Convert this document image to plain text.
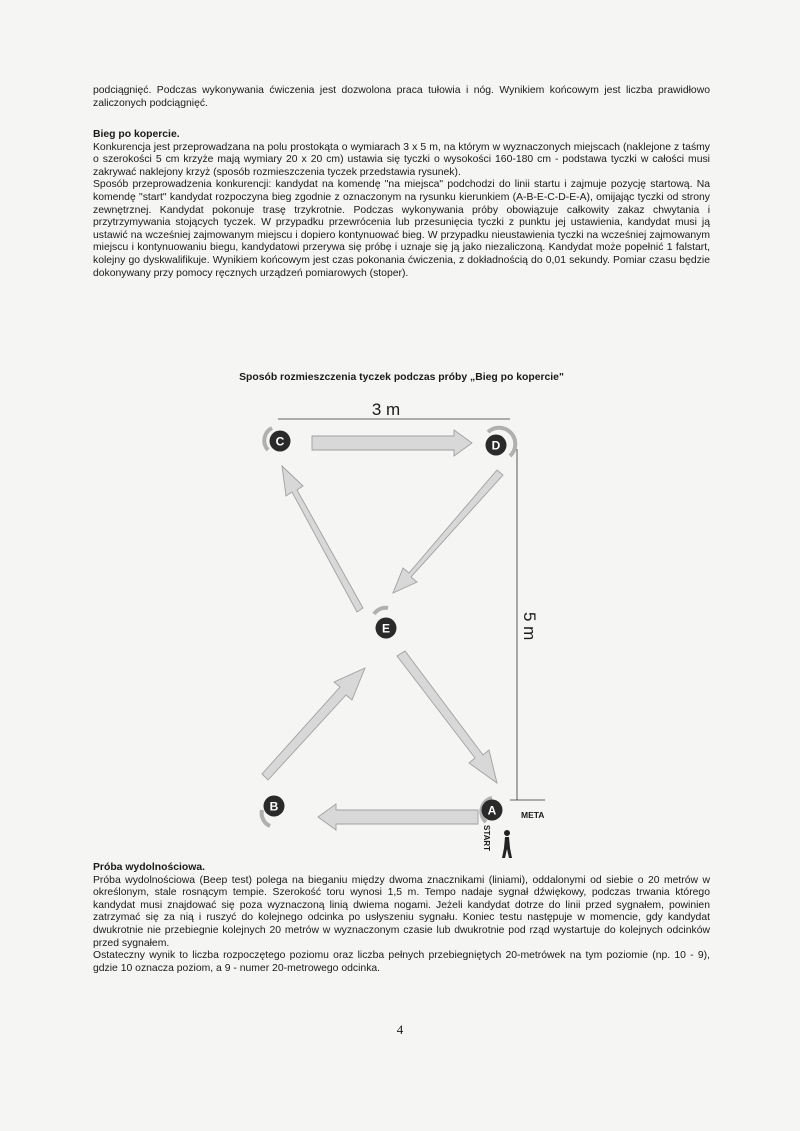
podciągnięć. Podczas wykonywania ćwiczenia jest dozwolona praca tułowia i nóg. Wynikiem końcowym jest liczba prawidłowo zaliczonych podciągnięć.

Bieg po kopercie.

Konkurencja jest przeprowadzana na polu prostokąta o wymiarach 3 x 5 m, na którym w wyznaczonych miejscach (naklejone z taśmy o szerokości 5 cm krzyże mają wymiary 20 x 20 cm) ustawia się tyczki o wysokości 160-180 cm - podstawa tyczki w całości musi zakrywać naklejony krzyż (sposób rozmieszczenia tyczek przedstawia rysunek).

Sposób przeprowadzenia konkurencji: kandydat na komendę "na miejsca" podchodzi do linii startu i zajmuje pozycję startową. Na komendę "start" kandydat rozpoczyna bieg zgodnie z oznaczonym na rysunku kierunkiem (A-B-E-C-D-E-A), omijając tyczki od strony zewnętrznej. Kandydat pokonuje trasę trzykrotnie. Podczas wykonywania próby obowiązuje całkowity zakaz chwytania i przytrzymywania stojących tyczek. W przypadku przewrócenia lub przesunięcia tyczki z punktu jej ustawienia, kandydat musi ją ustawić na wcześniej zajmowanym miejscu i dopiero kontynuować bieg. W przypadku nieustawienia tyczki na wcześniej zajmowanym miejscu i kontynuowaniu biegu, kandydatowi przerywa się próbę i uznaje się ją jako niezaliczoną. Kandydat może popełnić 1 falstart, kolejny go dyskwalifikuje. Wynikiem końcowym jest czas pokonania ćwiczenia, z dokładnością do 0,01 sekundy. Pomiar czasu będzie dokonywany przy pomocy ręcznych urządzeń pomiarowych (stoper).

Sposób rozmieszczenia tyczek podczas próby „Bieg po kopercie"
3 m
5 m
META
START
C	D
E
B	A

Próba wydolnościowa.

Próba wydolnościowa (Beep test) polega na bieganiu między dwoma znacznikami (liniami), oddalonymi od siebie o 20 metrów w określonym, stale rosnącym tempie. Szerokość toru wynosi 1,5 m. Tempo nadaje sygnał dźwiękowy, podczas trwania którego kandydat musi znajdować się poza wyznaczoną linią dwiema nogami. Jeżeli kandydat dotrze do linii przed sygnałem, powinien zatrzymać się za nią i ruszyć do kolejnego odcinka po usłyszeniu sygnału. Koniec testu następuje w momencie, gdy kandydat dwukrotnie nie przebiegnie kolejnych 20 metrów w wyznaczonym czasie lub dwukrotnie pod rząd wystartuje do kolejnych odcinków przed sygnałem.

Ostateczny wynik to liczba rozpoczętego poziomu oraz liczba pełnych przebiegniętych 20-metrówek na tym poziomie (np. 10 - 9), gdzie 10 oznacza poziom, a 9 - numer 20-metrowego odcinka.

4
